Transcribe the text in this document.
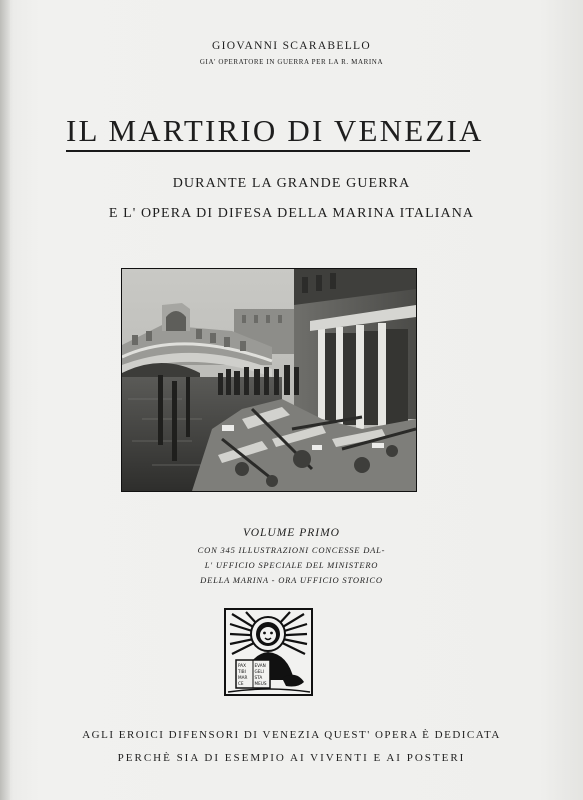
GIOVANNI SCARABELLO
GIA' OPERATORE IN GUERRA PER LA R. MARINA
IL MARTIRIO DI VENEZIA
DURANTE LA GRANDE GUERRA
E L' OPERA DI DIFESA DELLA MARINA ITALIANA
VOLUME PRIMO
CON 345 ILLUSTRAZIONI CONCESSE DAL-
L' UFFICIO SPECIALE DEL MINISTERO
DELLA MARINA - ORA UFFICIO STORICO
PAX EVAN
TIBI GELI
MAR STA
CE	MEUS
AGLI EROICI DIFENSORI DI VENEZIA QUEST' OPERA È DEDICATA
PERCHÈ SIA DI ESEMPIO AI VIVENTI E AI POSTERI
